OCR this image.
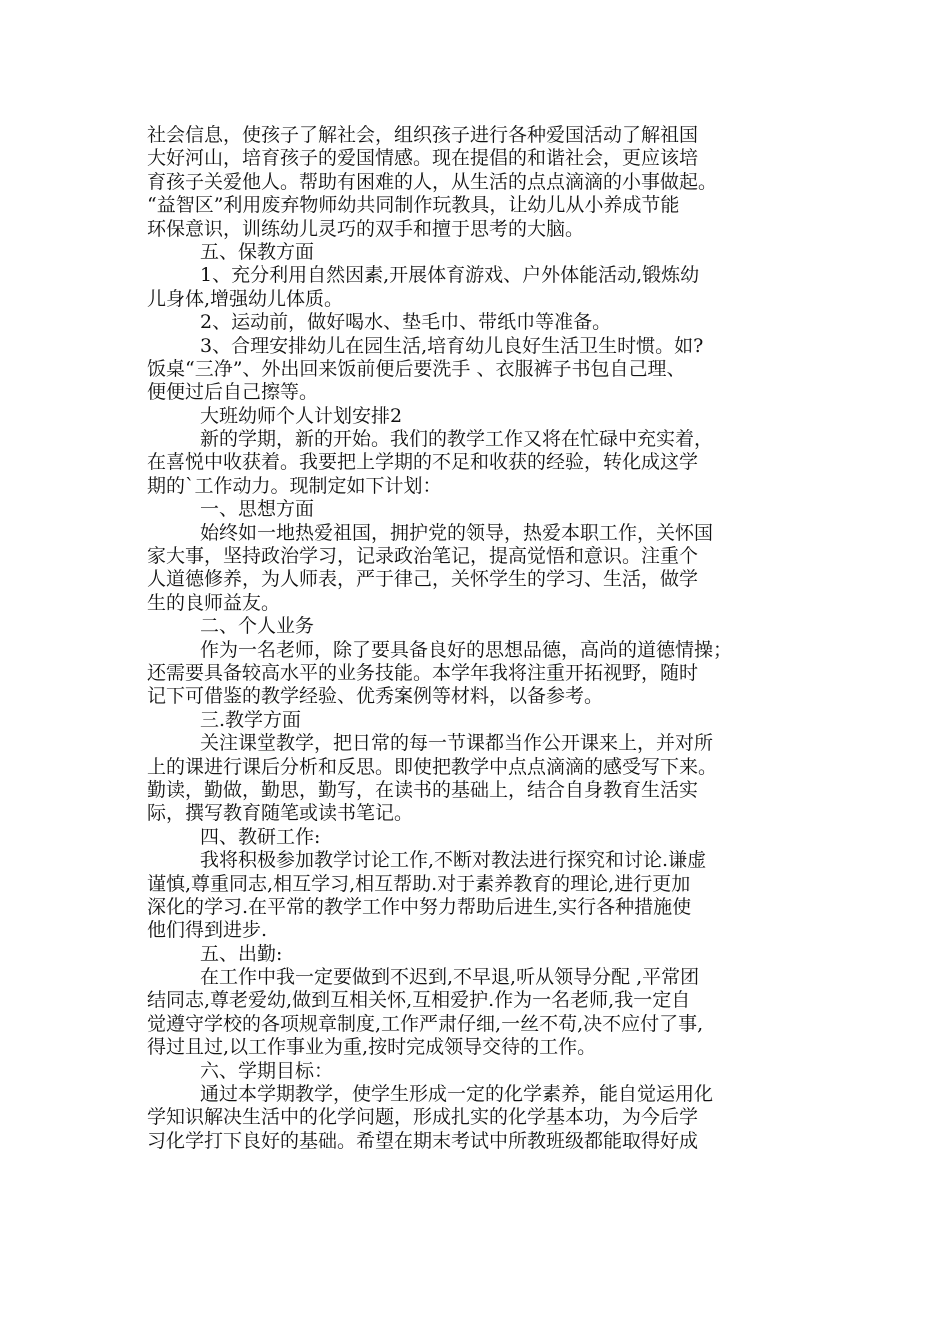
社会信息，使孩子了解社会，组织孩子进行各种爱国活动了解祖国
大好河山，培育孩子的爱国情感。现在提倡的和谐社会，更应该培
育孩子关爱他人。帮助有困难的人，从生活的点点滴滴的小事做起。
“益智区”利用废弃物师幼共同制作玩教具，让幼儿从小养成节能
环保意识，训练幼儿灵巧的双手和擅于思考的大脑。
五、保教方面
1、充分利用自然因素,开展体育游戏、户外体能活动,锻炼幼
儿身体,增强幼儿体质。
2、运动前，做好喝水、垫毛巾、带纸巾等准备。
3、合理安排幼儿在园生活,培育幼儿良好生活卫生时惯。如?
饭桌“三净”、外出回来饭前便后要洗手 、衣服裤子书包自己理、
便便过后自己擦等。
大班幼师个人计划安排2
新的学期，新的开始。我们的教学工作又将在忙碌中充实着，
在喜悦中收获着。我要把上学期的不足和收获的经验，转化成这学
期的`工作动力。现制定如下计划：
一、思想方面
始终如一地热爱祖国，拥护党的领导，热爱本职工作，关怀国
家大事，坚持政治学习，记录政治笔记，提高觉悟和意识。注重个
人道德修养，为人师表，严于律己，关怀学生的学习、生活，做学
生的良师益友。
二、个人业务
作为一名老师，除了要具备良好的思想品德，高尚的道德情操；
还需要具备较高水平的业务技能。本学年我将注重开拓视野，随时
记下可借鉴的教学经验、优秀案例等材料，以备参考。
三.教学方面
关注课堂教学，把日常的每一节课都当作公开课来上，并对所
上的课进行课后分析和反思。即使把教学中点点滴滴的感受写下来。
勤读，勤做，勤思，勤写，在读书的基础上，结合自身教育生活实
际，撰写教育随笔或读书笔记。
四、教研工作:
我将积极参加教学讨论工作,不断对教法进行探究和讨论.谦虚
谨慎,尊重同志,相互学习,相互帮助.对于素养教育的理论,进行更加
深化的学习.在平常的教学工作中努力帮助后进生,实行各种措施使
他们得到进步.
五、出勤:
在工作中我一定要做到不迟到,不早退,听从领导分配 ,平常团
结同志,尊老爱幼,做到互相关怀,互相爱护.作为一名老师,我一定自
觉遵守学校的各项规章制度,工作严肃仔细,一丝不苟,决不应付了事,
得过且过,以工作事业为重,按时完成领导交待的工作。
六、学期目标：
通过本学期教学，使学生形成一定的化学素养，能自觉运用化
学知识解决生活中的化学问题，形成扎实的化学基本功，为今后学
习化学打下良好的基础。希望在期末考试中所教班级都能取得好成
